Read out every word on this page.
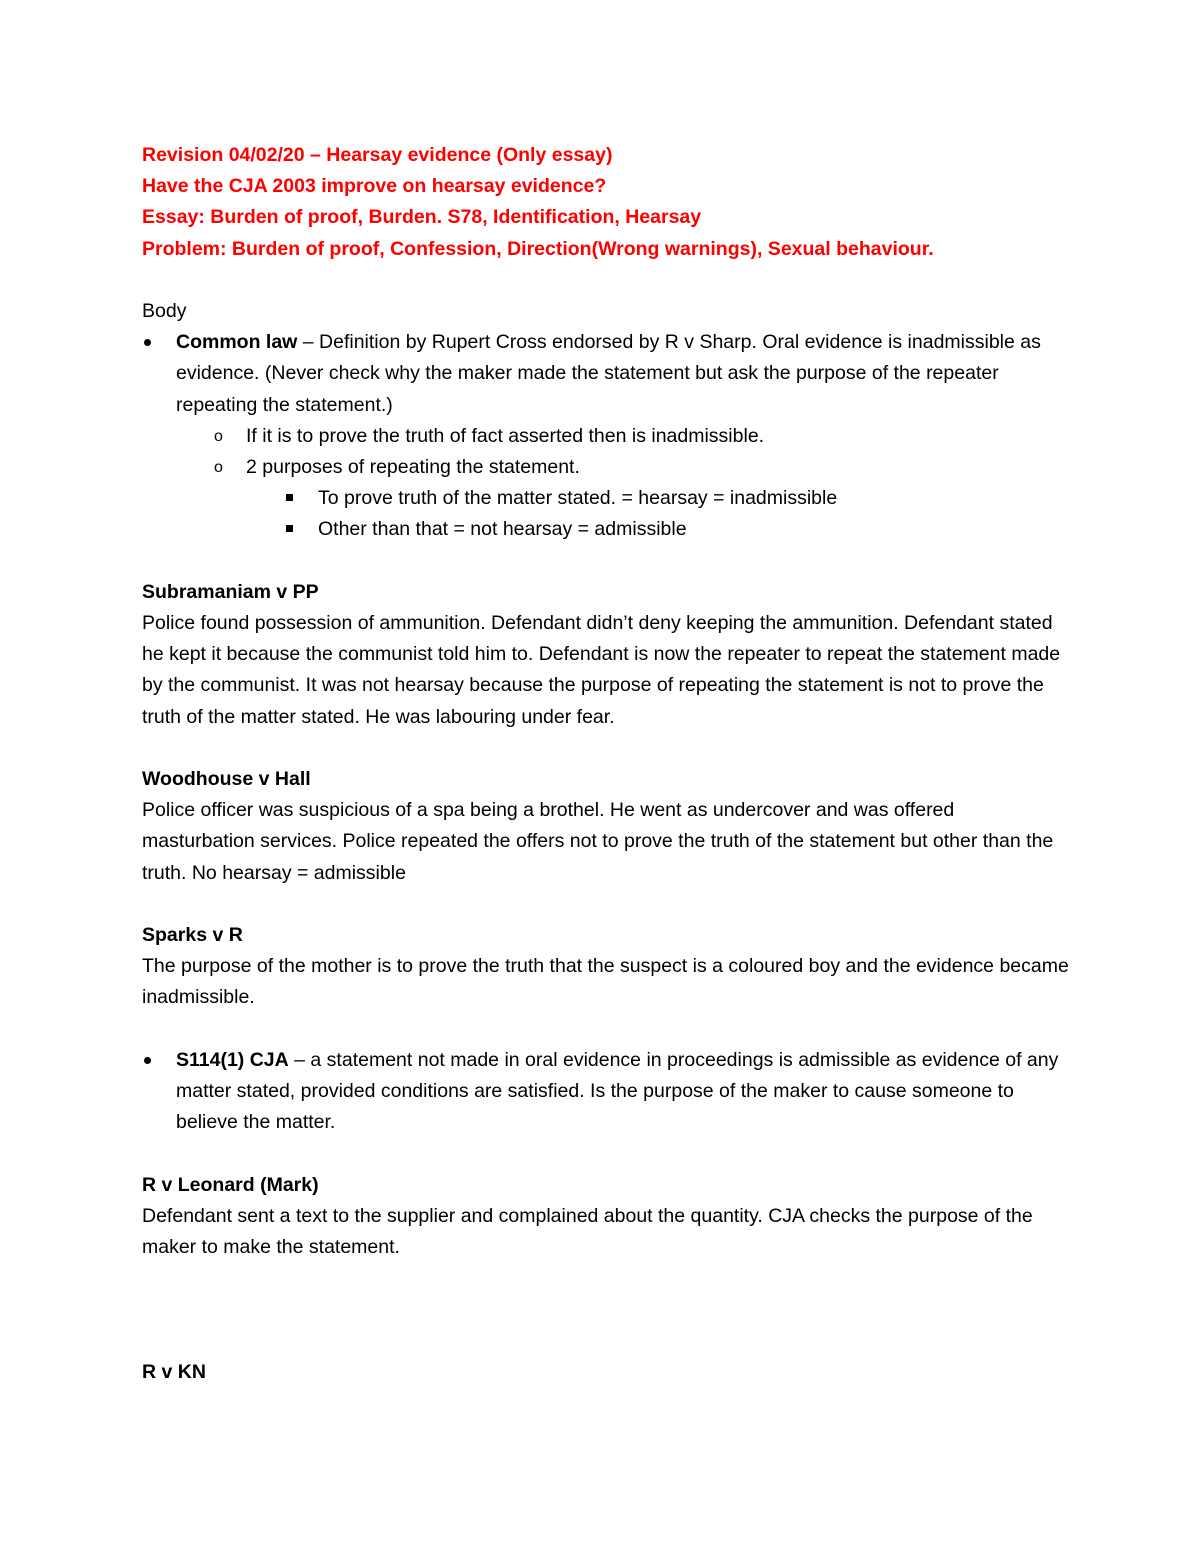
Revision 04/02/20 – Hearsay evidence (Only essay)

Have the CJA 2003 improve on hearsay evidence?

Essay: Burden of proof, Burden. S78, Identification, Hearsay

Problem: Burden of proof, Confession, Direction(Wrong warnings), Sexual behaviour.

Body

Common law – Definition by Rupert Cross endorsed by R v Sharp. Oral evidence is inadmissible as evidence. (Never check why the maker made the statement but ask the purpose of the repeater repeating the statement.)

o	If it is to prove the truth of fact asserted then is inadmissible.

o	2 purposes of repeating the statement.

To prove truth of the matter stated. = hearsay = inadmissible

Other than that = not hearsay = admissible

Subramaniam v PP

Police found possession of ammunition. Defendant didn’t deny keeping the ammunition. Defendant stated he kept it because the communist told him to. Defendant is now the repeater to repeat the statement made by the communist. It was not hearsay because the purpose of repeating the statement is not to prove the truth of the matter stated. He was labouring under fear.

Woodhouse v Hall

Police officer was suspicious of a spa being a brothel. He went as undercover and was offered masturbation services. Police repeated the offers not to prove the truth of the statement but other than the truth. No hearsay = admissible

Sparks v R

The purpose of the mother is to prove the truth that the suspect is a coloured boy and the evidence became inadmissible.

S114(1) CJA – a statement not made in oral evidence in proceedings is admissible as evidence of any matter stated, provided conditions are satisfied. Is the purpose of the maker to cause someone to believe the matter.

R v Leonard (Mark)

Defendant sent a text to the supplier and complained about the quantity. CJA checks the purpose of the maker to make the statement.

R v KN
